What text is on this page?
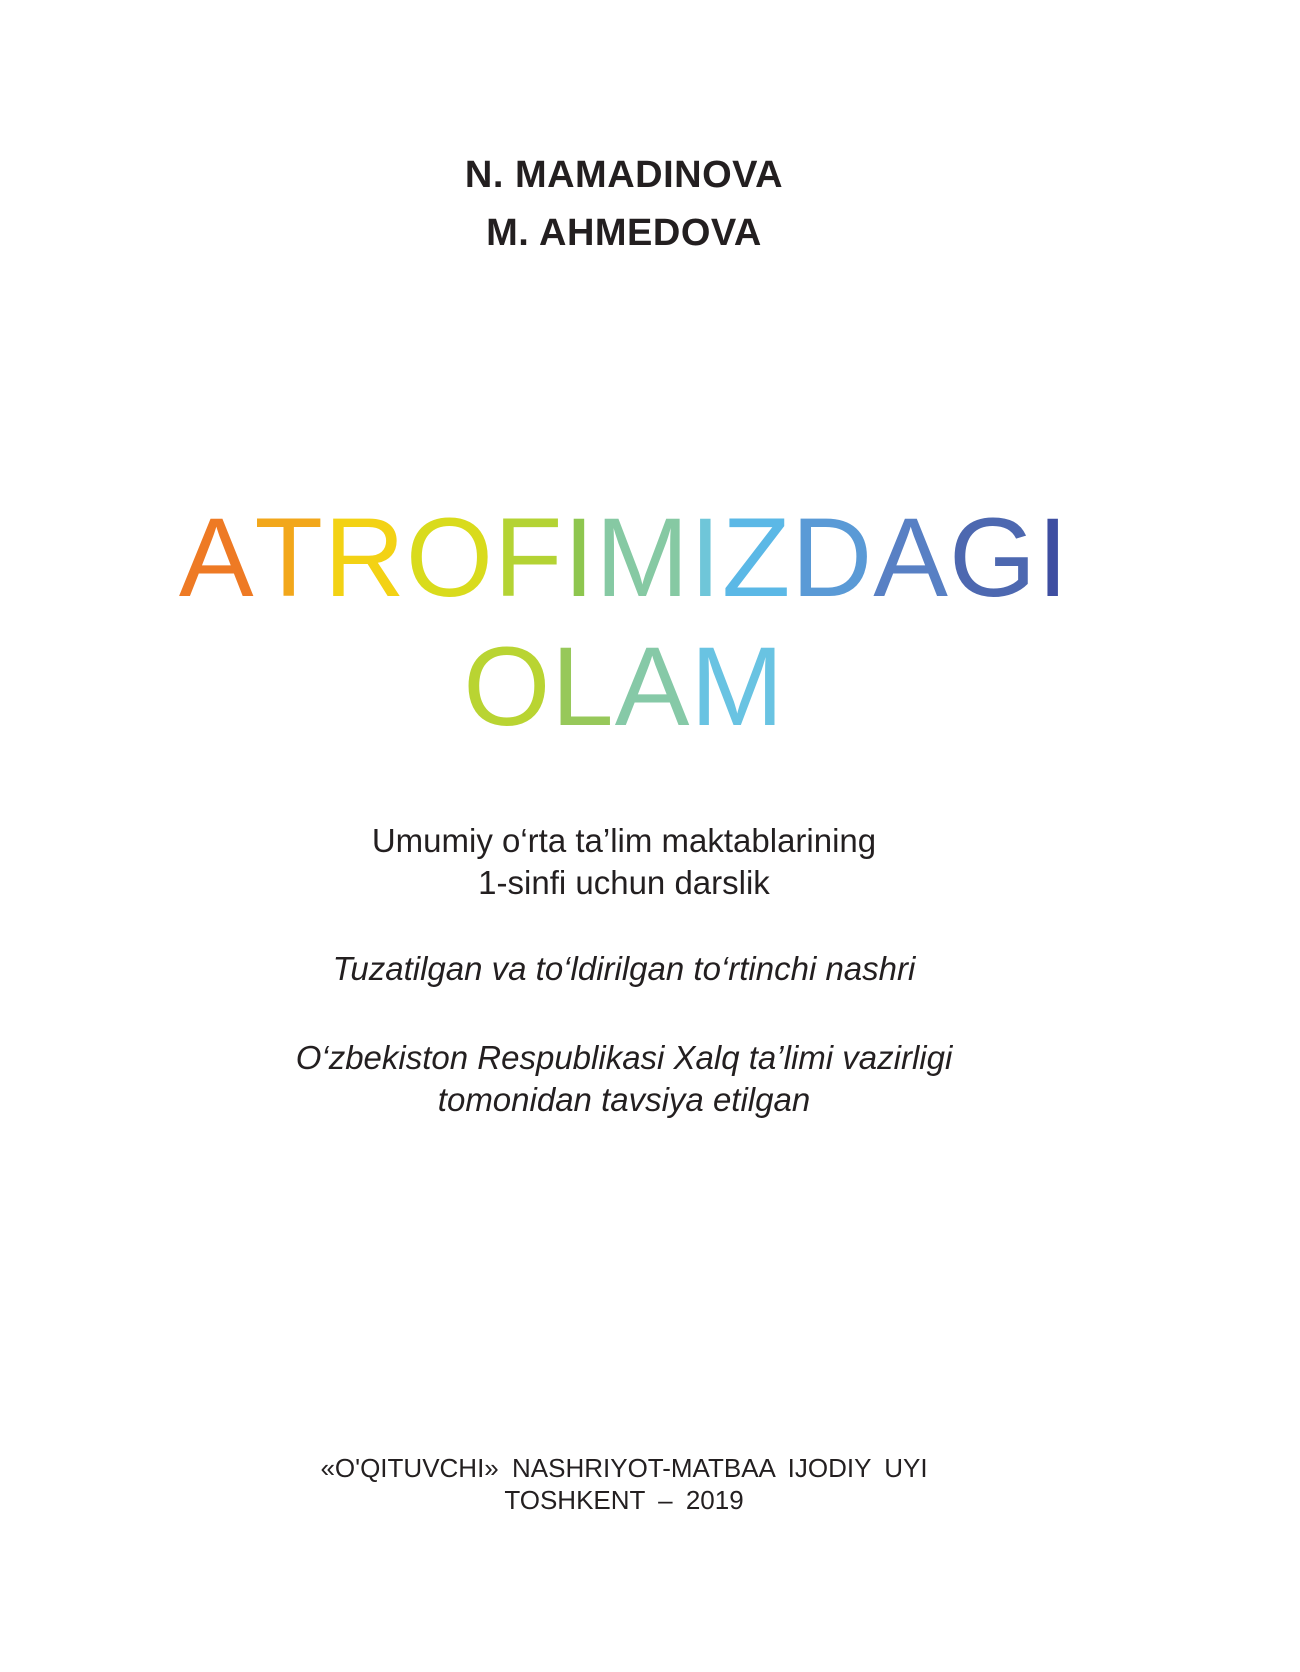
N. MAMADINOVA
M. AHMEDOVA
ATROFIMIZDAGI
OLAM
Umumiy o‘rta ta’lim maktablarining
1-sinfi uchun darslik
Tuzatilgan va to‘ldirilgan to‘rtinchi nashri
O‘zbekiston Respublikasi Xalq ta’limi vazirligi
tomonidan tavsiya etilgan
«O'QITUVCHI» NASHRIYOT-MATBAA IJODIY UYI
TOSHKENT – 2019
